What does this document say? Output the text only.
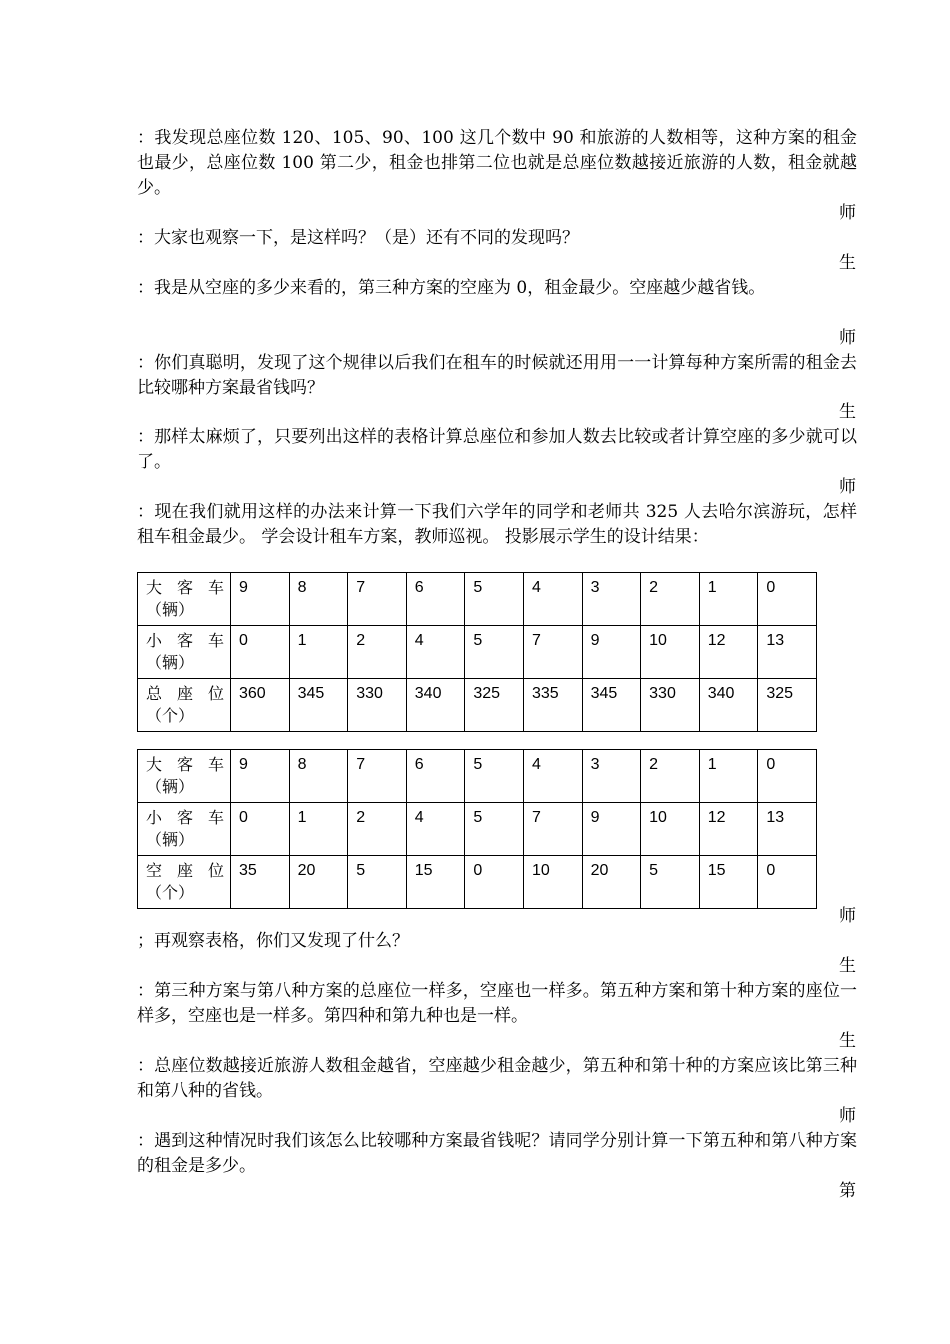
：我发现总座位数 120、105、90、100 这几个数中 90 和旅游的人数相等，这种方案的租金也最少，总座位数 100 第二少，租金也排第二位也就是总座位数越接近旅游的人数，租金就越少。

师

：大家也观察一下，是这样吗？（是）还有不同的发现吗？

生

：我是从空座的多少来看的，第三种方案的空座为 0，租金最少。空座越少越省钱。

师

：你们真聪明，发现了这个规律以后我们在租车的时候就还用用一一计算每种方案所需的租金去比较哪种方案最省钱吗？

生

：那样太麻烦了，只要列出这样的表格计算总座位和参加人数去比较或者计算空座的多少就可以了。

师

：现在我们就用这样的办法来计算一下我们六学年的同学和老师共 325 人去哈尔滨游玩，怎样租车租金最少。 学会设计租车方案，教师巡视。 投影展示学生的设计结果：

大 客 车（辆）	9	8	7	6	5	4	3	2	1	0
小 客 车（辆）	0	1	2	4	5	7	9	10	12	13
总座位（个）	360	345	330	340	325	335	345	330	340	325
大 客 车（辆）	9	8	7	6	5	4	3	2	1	0
小 客 车（辆）	0	1	2	4	5	7	9	10	12	13
空座位（个）	35	20	5	15	0	10	20	5	15	0

师

；再观察表格，你们又发现了什么？

生

：第三种方案与第八种方案的总座位一样多，空座也一样多。第五种方案和第十种方案的座位一样多，空座也是一样多。第四种和第九种也是一样。

生

：总座位数越接近旅游人数租金越省，空座越少租金越少，第五种和第十种的方案应该比第三种和第八种的省钱。

师

：遇到这种情况时我们该怎么比较哪种方案最省钱呢？请同学分别计算一下第五种和第八种方案的租金是多少。

第
